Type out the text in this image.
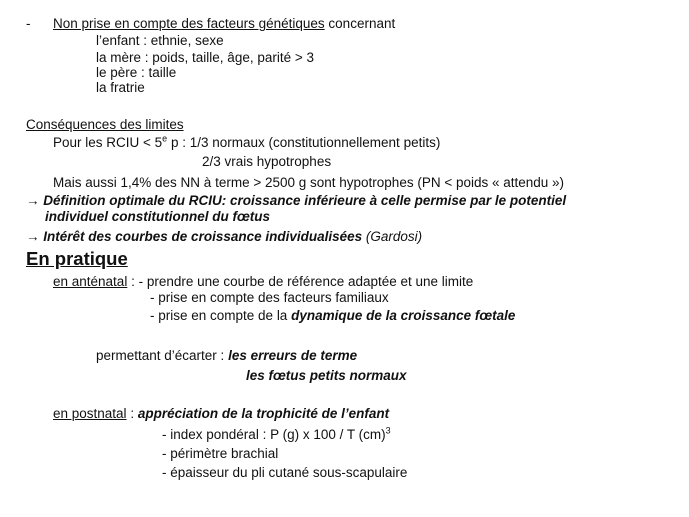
- Non prise en compte des facteurs génétiques concernant
l’enfant : ethnie, sexe
la mère : poids, taille, âge, parité > 3
le père : taille
la fratrie
Conséquences des limites
Pour les RCIU < $5^e$ p : 1/3 normaux (constitutionnellement petits)
2/3 vrais hypotrophes
Mais aussi 1,4% des NN à terme > 2500 g sont hypotrophes (PN < poids « attendu »)
→ Définition optimale du RCIU: croissance inférieure à celle permise par le potentiel
individuel constitutionnel du fœtus
→ Intérêt des courbes de croissance individualisées (Gardosi)
En pratique
en anténatal : - prendre une courbe de référence adaptée et une limite
- prise en compte des facteurs familiaux
- prise en compte de la dynamique de la croissance fœtale
permettant d’écarter : les erreurs de terme
les fœtus petits normaux
en postnatal : appréciation de la trophicité de l’enfant
- index pondéral : P (g) x 100 / T (cm)$^3$
- périmètre brachial
- épaisseur du pli cutané sous-scapulaire
